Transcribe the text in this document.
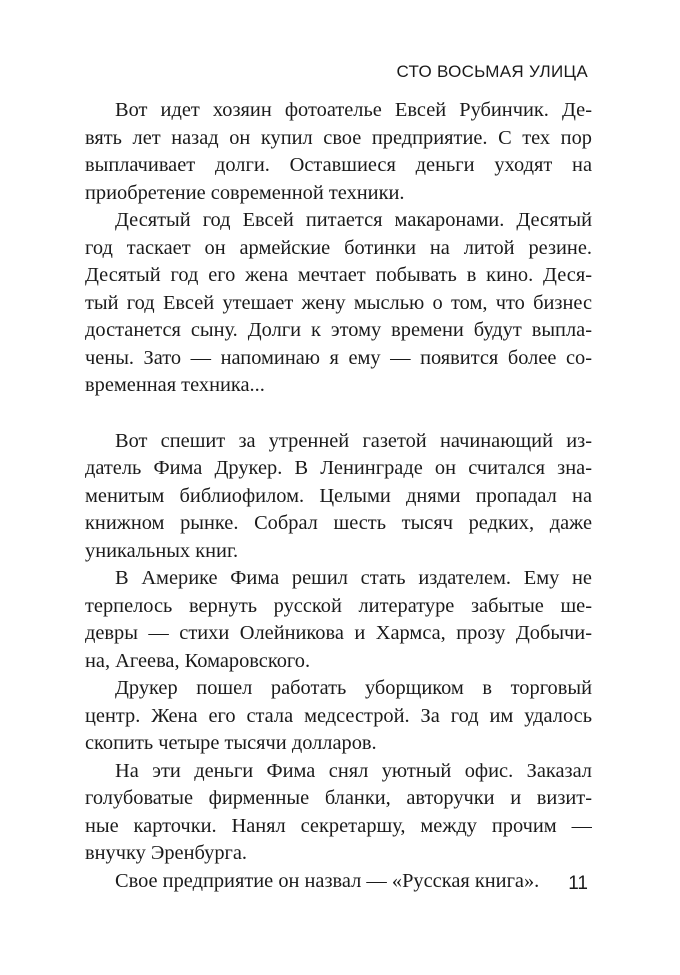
СТО ВОСЬМАЯ УЛИЦА
Вот идет хозяин фотоателье Евсей Рубинчик. Де-
вять лет назад он купил свое предприятие. С тех пор
выплачивает долги. Оставшиеся деньги уходят на
приобретение современной техники.
Десятый год Евсей питается макаронами. Десятый
год таскает он армейские ботинки на литой резине.
Десятый год его жена мечтает побывать в кино. Деся-
тый год Евсей утешает жену мыслью о том, что бизнес
достанется сыну. Долги к этому времени будут выпла-
чены. Зато — напоминаю я ему — появится более со-
временная техника...
Вот спешит за утренней газетой начинающий из-
датель Фима Друкер. В Ленинграде он считался зна-
менитым библиофилом. Целыми днями пропадал на
книжном рынке. Собрал шесть тысяч редких, даже
уникальных книг.
В Америке Фима решил стать издателем. Ему не
терпелось вернуть русской литературе забытые ше-
девры — стихи Олейникова и Хармса, прозу Добычи-
на, Агеева, Комаровского.
Друкер пошел работать уборщиком в торговый
центр. Жена его стала медсестрой. За год им удалось
скопить четыре тысячи долларов.
На эти деньги Фима снял уютный офис. Заказал
голубоватые фирменные бланки, авторучки и визит-
ные карточки. Нанял секретаршу, между прочим —
внучку Эренбурга.
Свое предприятие он назвал — «Русская книга».	11
